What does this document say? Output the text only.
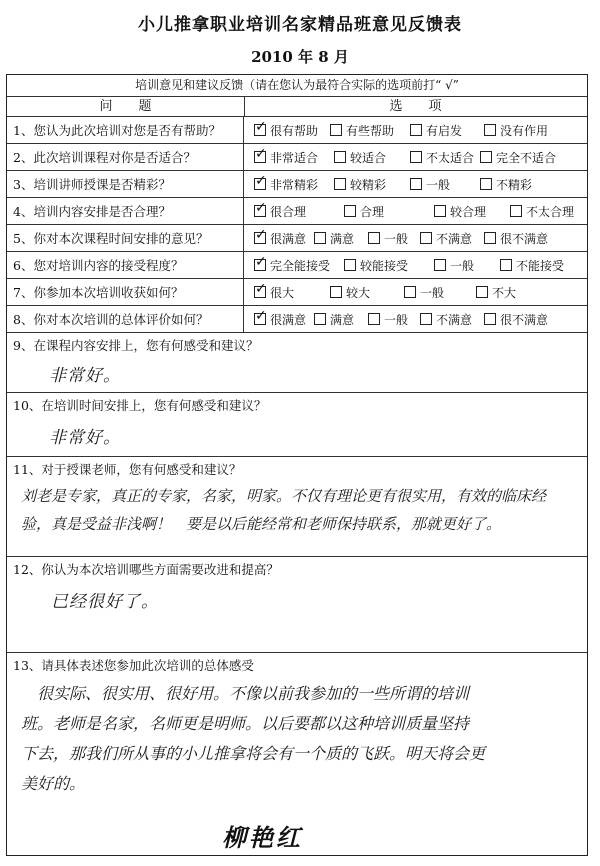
小儿推拿职业培训名家精品班意见反馈表
2010 年 8 月
培训意见和建议反馈（请在您认为最符合实际的选项前打“ √”
问　　题	选　　项
1、您认为此次培训对您是否有帮助？ ✓	很有帮助 有些帮助	有启发	没有作用
2、此次培训课程对你是否适合？ ✓	非常适合	较适合	不太适合 完全不适合
3、培训讲师授课是否精彩？ ✓	非常精彩	较精彩	一般	不精彩
4、培训内容安排是否合理？ ✓	很合理	合理	较合理	不太合理
5、你对本次课程时间安排的意见？ ✓	很满意 满意 一般 不满意 很不满意
6、您对培训内容的接受程度？ ✓	完全能接受 较能接受	一般	不能接受
7、你参加本次培训收获如何？ ✓	很大	较大	一般	不大
8、你对本次培训的总体评价如何？ ✓	很满意 满意 一般 不满意 很不满意
9、在课程内容安排上，您有何感受和建议？
非常好。
10、在培训时间安排上，您有何感受和建议？
非常好。
11、对于授课老师，您有何感受和建议？
刘老是专家，真正的专家，名家，明家。不仅有理论更有很实用，有效的临床经
验，真是受益非浅啊！　要是以后能经常和老师保持联系，那就更好了。
12、你认为本次培训哪些方面需要改进和提高？
已经很好了。
13、请具体表述您参加此次培训的总体感受
　很实际、很实用、很好用。不像以前我参加的一些所谓的培训
班。老师是名家，名师更是明师。以后要都以这种培训质量坚持
下去，那我们所从事的小儿推拿将会有一个质的飞跃。明天将会更
美好的。
柳艳红
